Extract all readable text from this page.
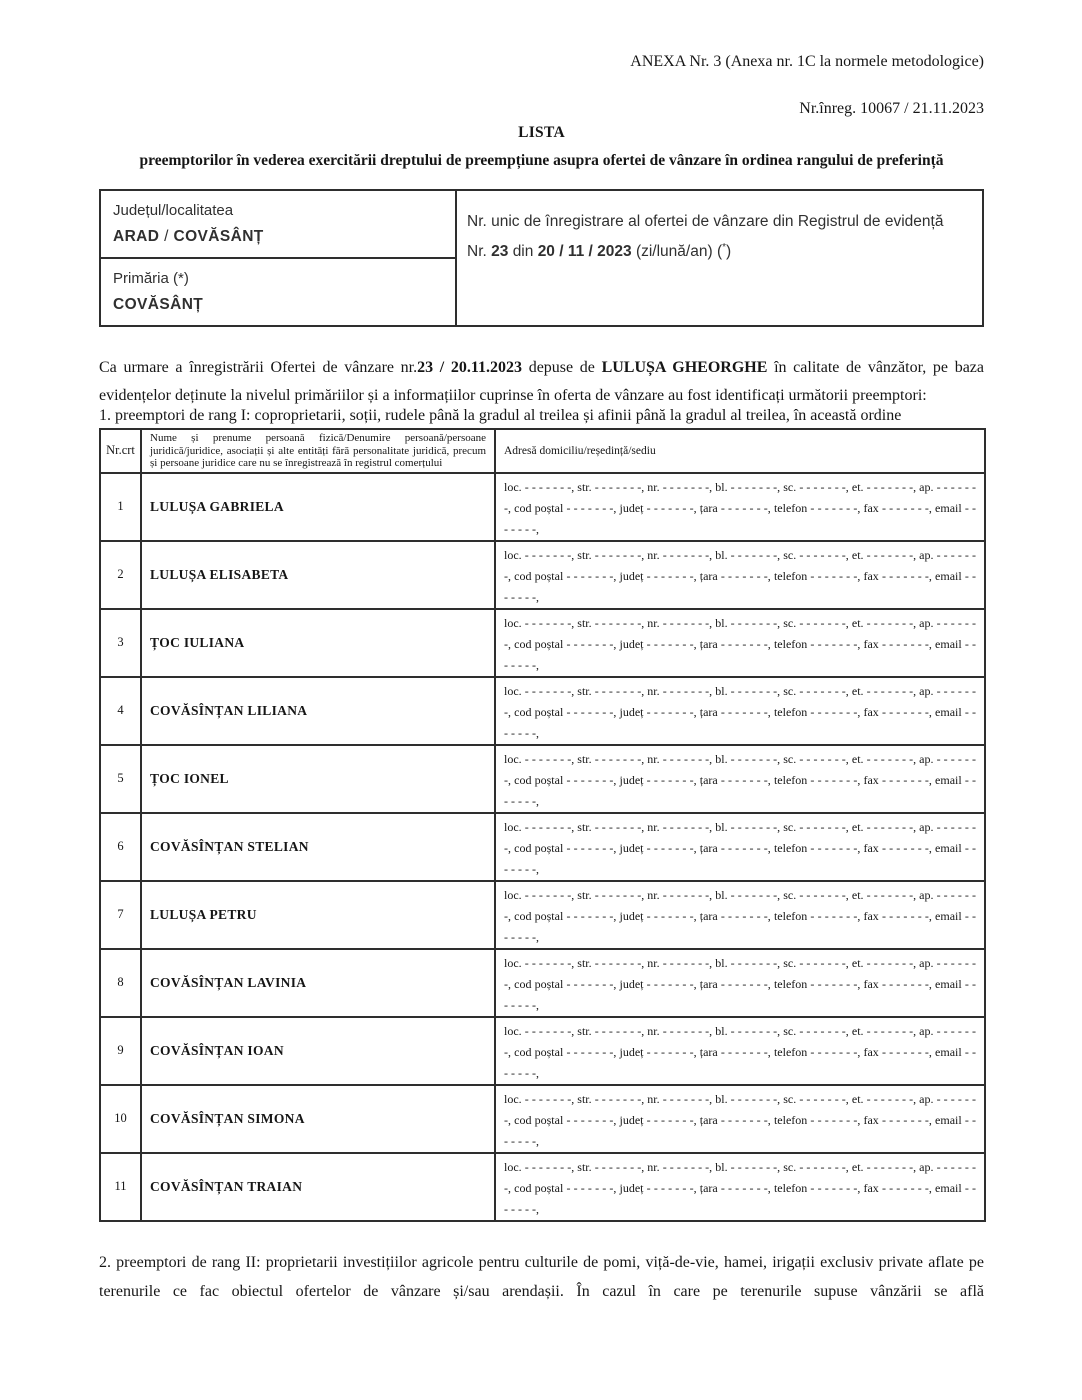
ANEXA Nr. 3 (Anexa nr. 1C la normele metodologice)
Nr.înreg. 10067 / 21.11.2023
LISTA
preemptorilor în vederea exercitării dreptului de preempțiune asupra ofertei de vânzare în ordinea rangului de preferință
Județul/localitatea
ARAD / COVĂSÂNȚ

Nr. unic de înregistrare al ofertei de vânzare din Registrul de evidență

Nr. 23 din 20 / 11 / 2023 (zi/lună/an) (*)

Primăria (*)
COVĂSÂNȚ

Ca urmare a înregistrării Ofertei de vânzare nr.23 / 20.11.2023 depuse de LULUȘA GHEORGHE în calitate de vânzător, pe baza evidențelor deținute la nivelul primăriilor și a informațiilor cuprinse în oferta de vânzare au fost identificați următorii preemptori:

1. preemptori de rang I: coproprietarii, soții, rudele până la gradul al treilea și afinii până la gradul al treilea, în această ordine

Nr.crt	Nume și prenume persoană fizică/Denumire persoană/persoane juridică/juridice, asociații și alte entități fără personalitate juridică, precum și persoane juridice care nu se înregistrează în registrul comerțului	Adresă domiciliu/reședință/sediu
1	LULUȘA GABRIELA	loc. - - - - - - -, str. - - - - - - -, nr. - - - - - - -, bl. - - - - - - -, sc. - - - - - - -, et. - - - - - - -, ap. - - - - - - -, cod poștal - - - - - - -, județ - - - - - - -, țara - - - - - - -, telefon - - - - - - -, fax - - - - - - -, email - - - - - - -,
2	LULUȘA ELISABETA	loc. - - - - - - -, str. - - - - - - -, nr. - - - - - - -, bl. - - - - - - -, sc. - - - - - - -, et. - - - - - - -, ap. - - - - - - -, cod poștal - - - - - - -, județ - - - - - - -, țara - - - - - - -, telefon - - - - - - -, fax - - - - - - -, email - - - - - - -,
3	ȚOC IULIANA	loc. - - - - - - -, str. - - - - - - -, nr. - - - - - - -, bl. - - - - - - -, sc. - - - - - - -, et. - - - - - - -, ap. - - - - - - -, cod poștal - - - - - - -, județ - - - - - - -, țara - - - - - - -, telefon - - - - - - -, fax - - - - - - -, email - - - - - - -,
4	COVĂSÎNȚAN LILIANA	loc. - - - - - - -, str. - - - - - - -, nr. - - - - - - -, bl. - - - - - - -, sc. - - - - - - -, et. - - - - - - -, ap. - - - - - - -, cod poștal - - - - - - -, județ - - - - - - -, țara - - - - - - -, telefon - - - - - - -, fax - - - - - - -, email - - - - - - -,
5	ȚOC IONEL	loc. - - - - - - -, str. - - - - - - -, nr. - - - - - - -, bl. - - - - - - -, sc. - - - - - - -, et. - - - - - - -, ap. - - - - - - -, cod poștal - - - - - - -, județ - - - - - - -, țara - - - - - - -, telefon - - - - - - -, fax - - - - - - -, email - - - - - - -,
6	COVĂSÎNȚAN STELIAN	loc. - - - - - - -, str. - - - - - - -, nr. - - - - - - -, bl. - - - - - - -, sc. - - - - - - -, et. - - - - - - -, ap. - - - - - - -, cod poștal - - - - - - -, județ - - - - - - -, țara - - - - - - -, telefon - - - - - - -, fax - - - - - - -, email - - - - - - -,
7	LULUȘA PETRU	loc. - - - - - - -, str. - - - - - - -, nr. - - - - - - -, bl. - - - - - - -, sc. - - - - - - -, et. - - - - - - -, ap. - - - - - - -, cod poștal - - - - - - -, județ - - - - - - -, țara - - - - - - -, telefon - - - - - - -, fax - - - - - - -, email - - - - - - -,
8	COVĂSÎNȚAN LAVINIA	loc. - - - - - - -, str. - - - - - - -, nr. - - - - - - -, bl. - - - - - - -, sc. - - - - - - -, et. - - - - - - -, ap. - - - - - - -, cod poștal - - - - - - -, județ - - - - - - -, țara - - - - - - -, telefon - - - - - - -, fax - - - - - - -, email - - - - - - -,
9	COVĂSÎNȚAN IOAN	loc. - - - - - - -, str. - - - - - - -, nr. - - - - - - -, bl. - - - - - - -, sc. - - - - - - -, et. - - - - - - -, ap. - - - - - - -, cod poștal - - - - - - -, județ - - - - - - -, țara - - - - - - -, telefon - - - - - - -, fax - - - - - - -, email - - - - - - -,
10	COVĂSÎNȚAN SIMONA	loc. - - - - - - -, str. - - - - - - -, nr. - - - - - - -, bl. - - - - - - -, sc. - - - - - - -, et. - - - - - - -, ap. - - - - - - -, cod poștal - - - - - - -, județ - - - - - - -, țara - - - - - - -, telefon - - - - - - -, fax - - - - - - -, email - - - - - - -,
11	COVĂSÎNȚAN TRAIAN	loc. - - - - - - -, str. - - - - - - -, nr. - - - - - - -, bl. - - - - - - -, sc. - - - - - - -, et. - - - - - - -, ap. - - - - - - -, cod poștal - - - - - - -, județ - - - - - - -, țara - - - - - - -, telefon - - - - - - -, fax - - - - - - -, email - - - - - - -,

2. preemptori de rang II: proprietarii investițiilor agricole pentru culturile de pomi, viță-de-vie, hamei, irigații exclusiv private aflate pe terenurile ce fac obiectul ofertelor de vânzare și/sau arendașii. În cazul în care pe terenurile supuse vânzării se află
